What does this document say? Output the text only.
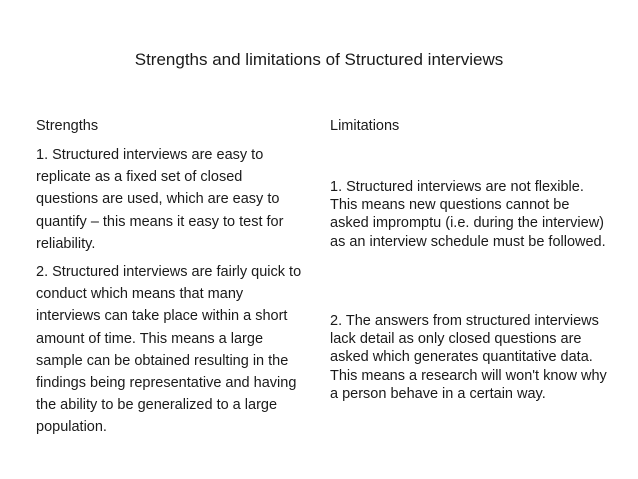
Strengths and limitations of Structured interviews

Strengths

1. Structured interviews are easy to replicate as a fixed set of closed questions are used, which are easy to quantify – this means it easy to test for reliability.

2. Structured interviews are fairly quick to conduct which means that many interviews can take place within a short amount of time. This means a large sample can be obtained resulting in the findings being representative and having the ability to be generalized to a large population.

Limitations

1. Structured interviews are not flexible. This means new questions cannot be asked impromptu (i.e. during the interview) as an interview schedule must be followed.

2. The answers from structured interviews lack detail as only closed questions are asked which generates quantitative data. This means a research will won't know why a person behave in a certain way.
